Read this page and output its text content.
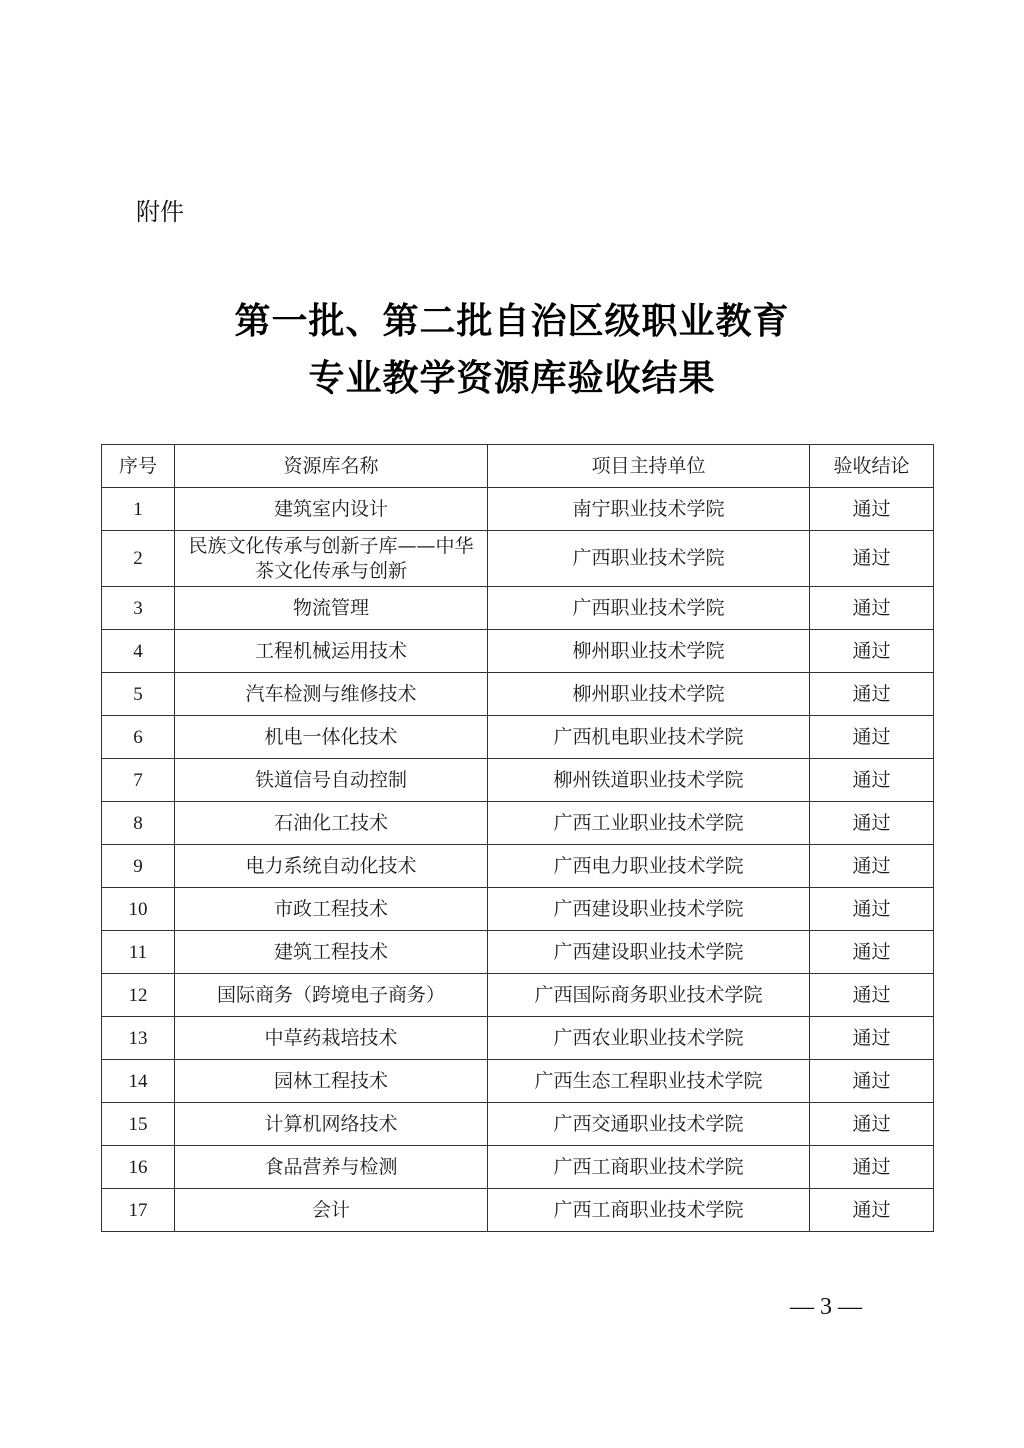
附件
第一批、第二批自治区级职业教育
专业教学资源库验收结果
序号	资源库名称	项目主持单位	验收结论
1	建筑室内设计	南宁职业技术学院	通过
2	民族文化传承与创新子库——中华茶文化传承与创新	广西职业技术学院	通过
3	物流管理	广西职业技术学院	通过
4	工程机械运用技术	柳州职业技术学院	通过
5	汽车检测与维修技术	柳州职业技术学院	通过
6	机电一体化技术	广西机电职业技术学院	通过
7	铁道信号自动控制	柳州铁道职业技术学院	通过
8	石油化工技术	广西工业职业技术学院	通过
9	电力系统自动化技术	广西电力职业技术学院	通过
10	市政工程技术	广西建设职业技术学院	通过
11	建筑工程技术	广西建设职业技术学院	通过
12	国际商务（跨境电子商务）	广西国际商务职业技术学院	通过
13	中草药栽培技术	广西农业职业技术学院	通过
14	园林工程技术	广西生态工程职业技术学院	通过
15	计算机网络技术	广西交通职业技术学院	通过
16	食品营养与检测	广西工商职业技术学院	通过
17	会计	广西工商职业技术学院	通过
— 3 —
